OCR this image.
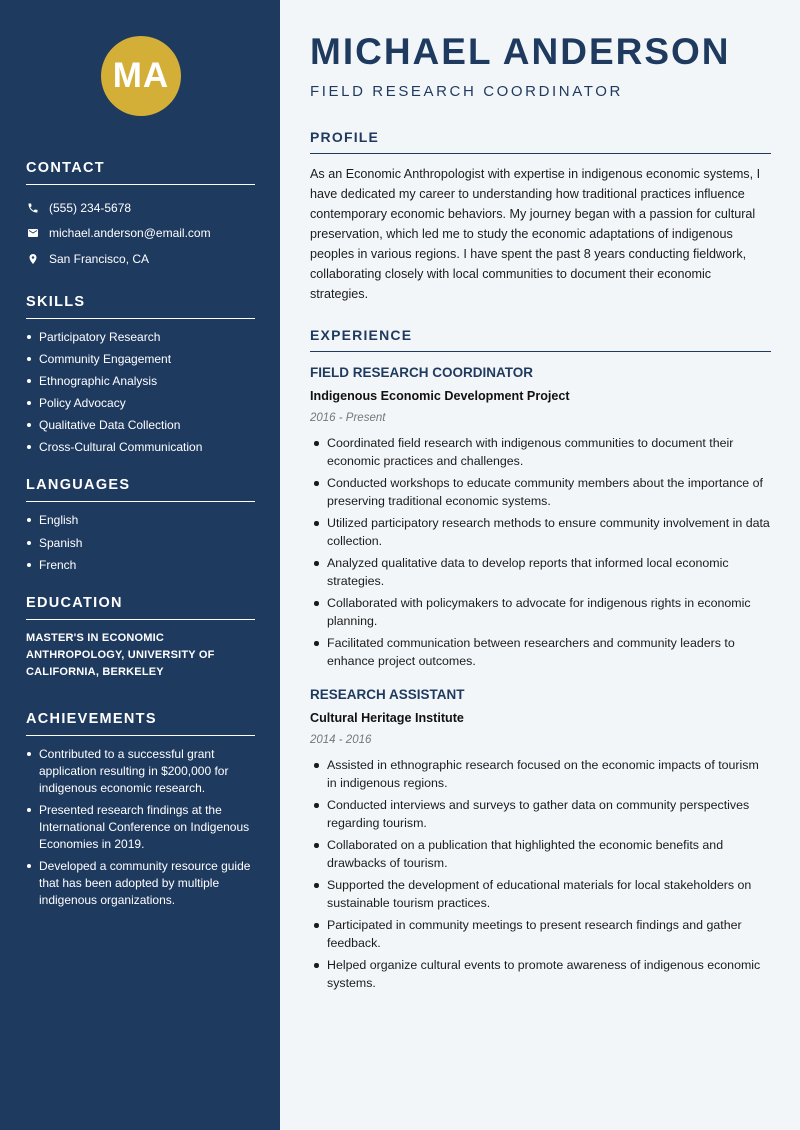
MA
CONTACT
(555) 234-5678
michael.anderson@email.com
San Francisco, CA
SKILLS
Participatory Research
Community Engagement
Ethnographic Analysis
Policy Advocacy
Qualitative Data Collection
Cross-Cultural Communication
LANGUAGES
English
Spanish
French
EDUCATION
MASTER'S IN ECONOMIC ANTHROPOLOGY, UNIVERSITY OF CALIFORNIA, BERKELEY
ACHIEVEMENTS
Contributed to a successful grant application resulting in $200,000 for indigenous economic research.
Presented research findings at the International Conference on Indigenous Economies in 2019.
Developed a community resource guide that has been adopted by multiple indigenous organizations.
MICHAEL ANDERSON
FIELD RESEARCH COORDINATOR
PROFILE

As an Economic Anthropologist with expertise in indigenous economic systems, I have dedicated my career to understanding how traditional practices influence contemporary economic behaviors. My journey began with a passion for cultural preservation, which led me to study the economic adaptations of indigenous peoples in various regions. I have spent the past 8 years conducting fieldwork, collaborating closely with local communities to document their economic strategies.

EXPERIENCE
FIELD RESEARCH COORDINATOR
Indigenous Economic Development Project
2016 - Present
Coordinated field research with indigenous communities to document their economic practices and challenges.
Conducted workshops to educate community members about the importance of preserving traditional economic systems.
Utilized participatory research methods to ensure community involvement in data collection.
Analyzed qualitative data to develop reports that informed local economic strategies.
Collaborated with policymakers to advocate for indigenous rights in economic planning.
Facilitated communication between researchers and community leaders to enhance project outcomes.
RESEARCH ASSISTANT
Cultural Heritage Institute
2014 - 2016
Assisted in ethnographic research focused on the economic impacts of tourism in indigenous regions.
Conducted interviews and surveys to gather data on community perspectives regarding tourism.
Collaborated on a publication that highlighted the economic benefits and drawbacks of tourism.
Supported the development of educational materials for local stakeholders on sustainable tourism practices.
Participated in community meetings to present research findings and gather feedback.
Helped organize cultural events to promote awareness of indigenous economic systems.
